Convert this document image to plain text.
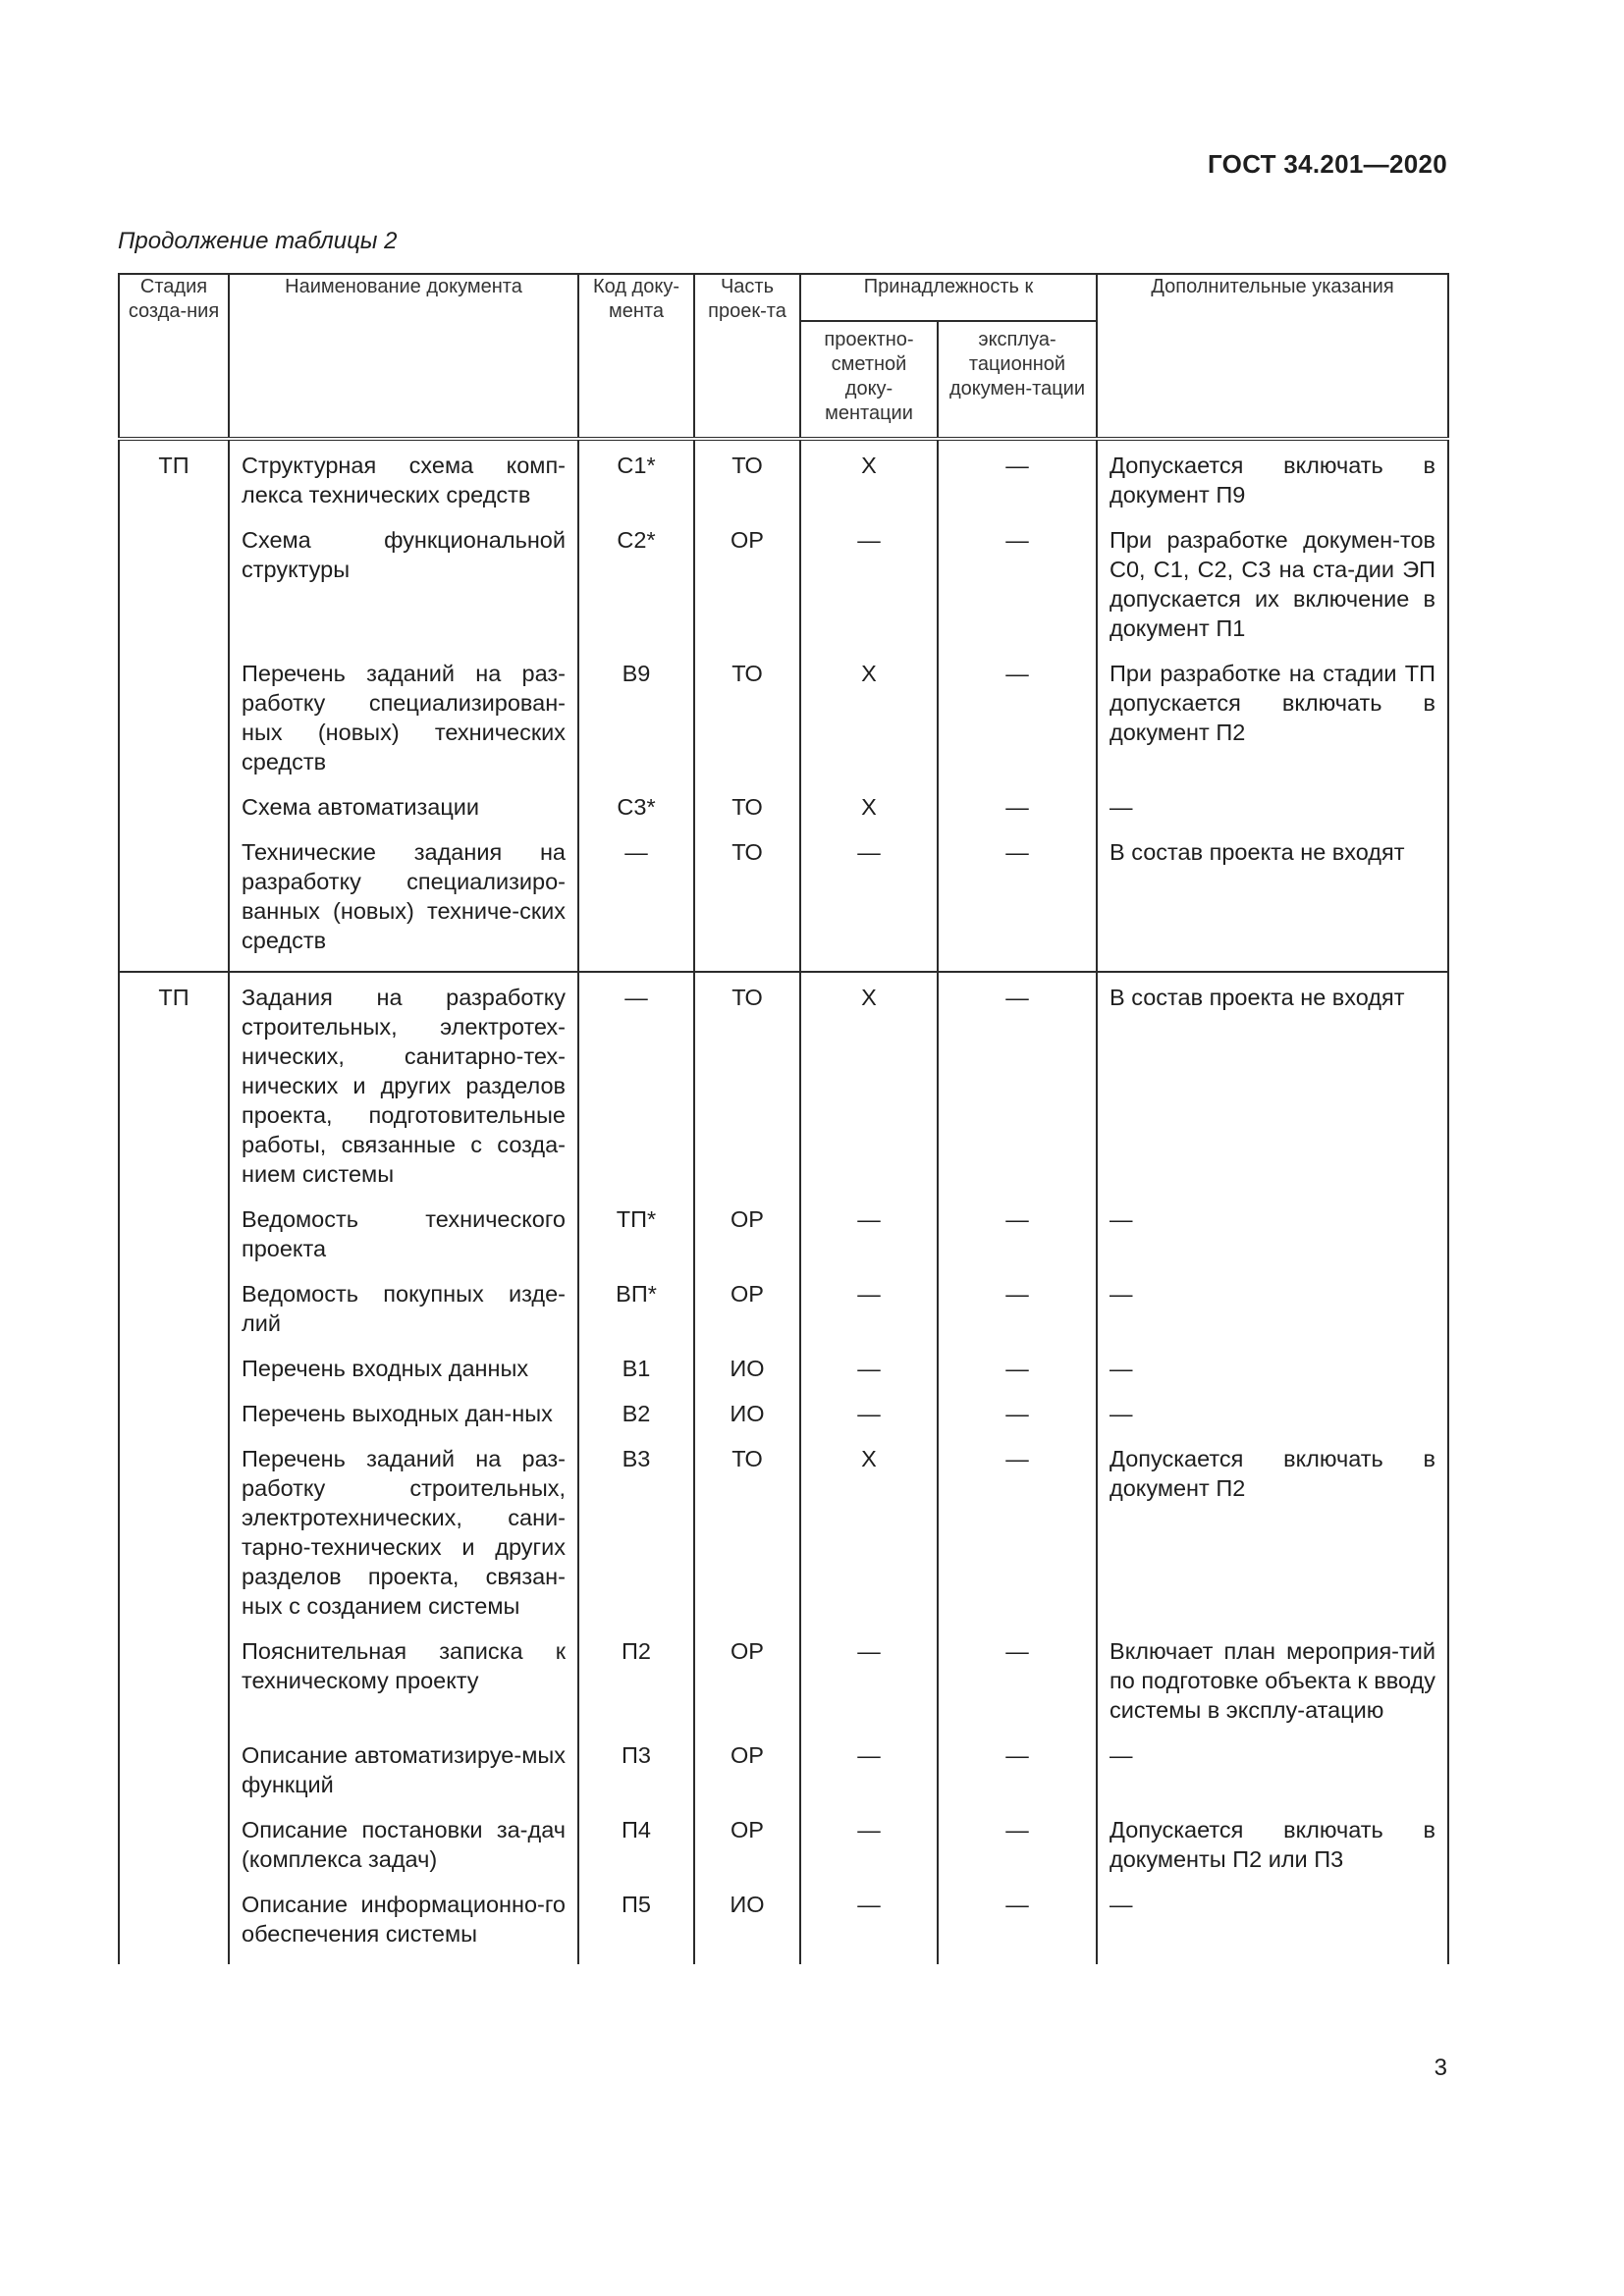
ГОСТ 34.201—2020
Продолжение таблицы 2
Стадия созда-ния	Наименование документа	Код доку-мента	Часть проек-та	Принадлежность к		Дополнительные указания
				проектно-сметной доку-ментации	эксплуа-тационной докумен-тации	
ТП	Структурная схема комп-лекса технических средств	С1*	ТО	Х	—	Допускается включать в документ П9
	Схема функциональной структуры	С2*	ОР	—	—	При разработке докумен-тов С0, С1, С2, С3 на ста-дии ЭП допускается их включение в документ П1
	Перечень заданий на раз-работку специализирован-ных (новых) технических средств	В9	ТО	Х	—	При разработке на стадии ТП допускается включать в документ П2
	Схема автоматизации	С3*	ТО	Х	—	—
	Технические задания на разработку специализиро-ванных (новых) техниче-ских средств	—	ТО	—	—	В состав проекта не входят
ТП	Задания на разработку строительных, электротех-нических, санитарно-тех-нических и других разделов проекта, подготовительные работы, связанные с созда-нием системы	—	ТО	Х	—	В состав проекта не входят
	Ведомость технического проекта	ТП*	ОР	—	—	—
	Ведомость покупных изде-лий	ВП*	ОР	—	—	—
	Перечень входных данных	В1	ИО	—	—	—
	Перечень выходных дан-ных	В2	ИО	—	—	—
	Перечень заданий на раз-работку строительных, электротехнических, сани-тарно-технических и других разделов проекта, связан-ных с созданием системы	В3	ТО	Х	—	Допускается включать в документ П2
	Пояснительная записка к техническому проекту	П2	ОР	—	—	Включает план мероприя-тий по подготовке объекта к вводу системы в эксплу-атацию
	Описание автоматизируе-мых функций	П3	ОР	—	—	—
	Описание постановки за-дач (комплекса задач)	П4	ОР	—	—	Допускается включать в документы П2 или П3
	Описание информационно-го обеспечения системы	П5	ИО	—	—	—
3
